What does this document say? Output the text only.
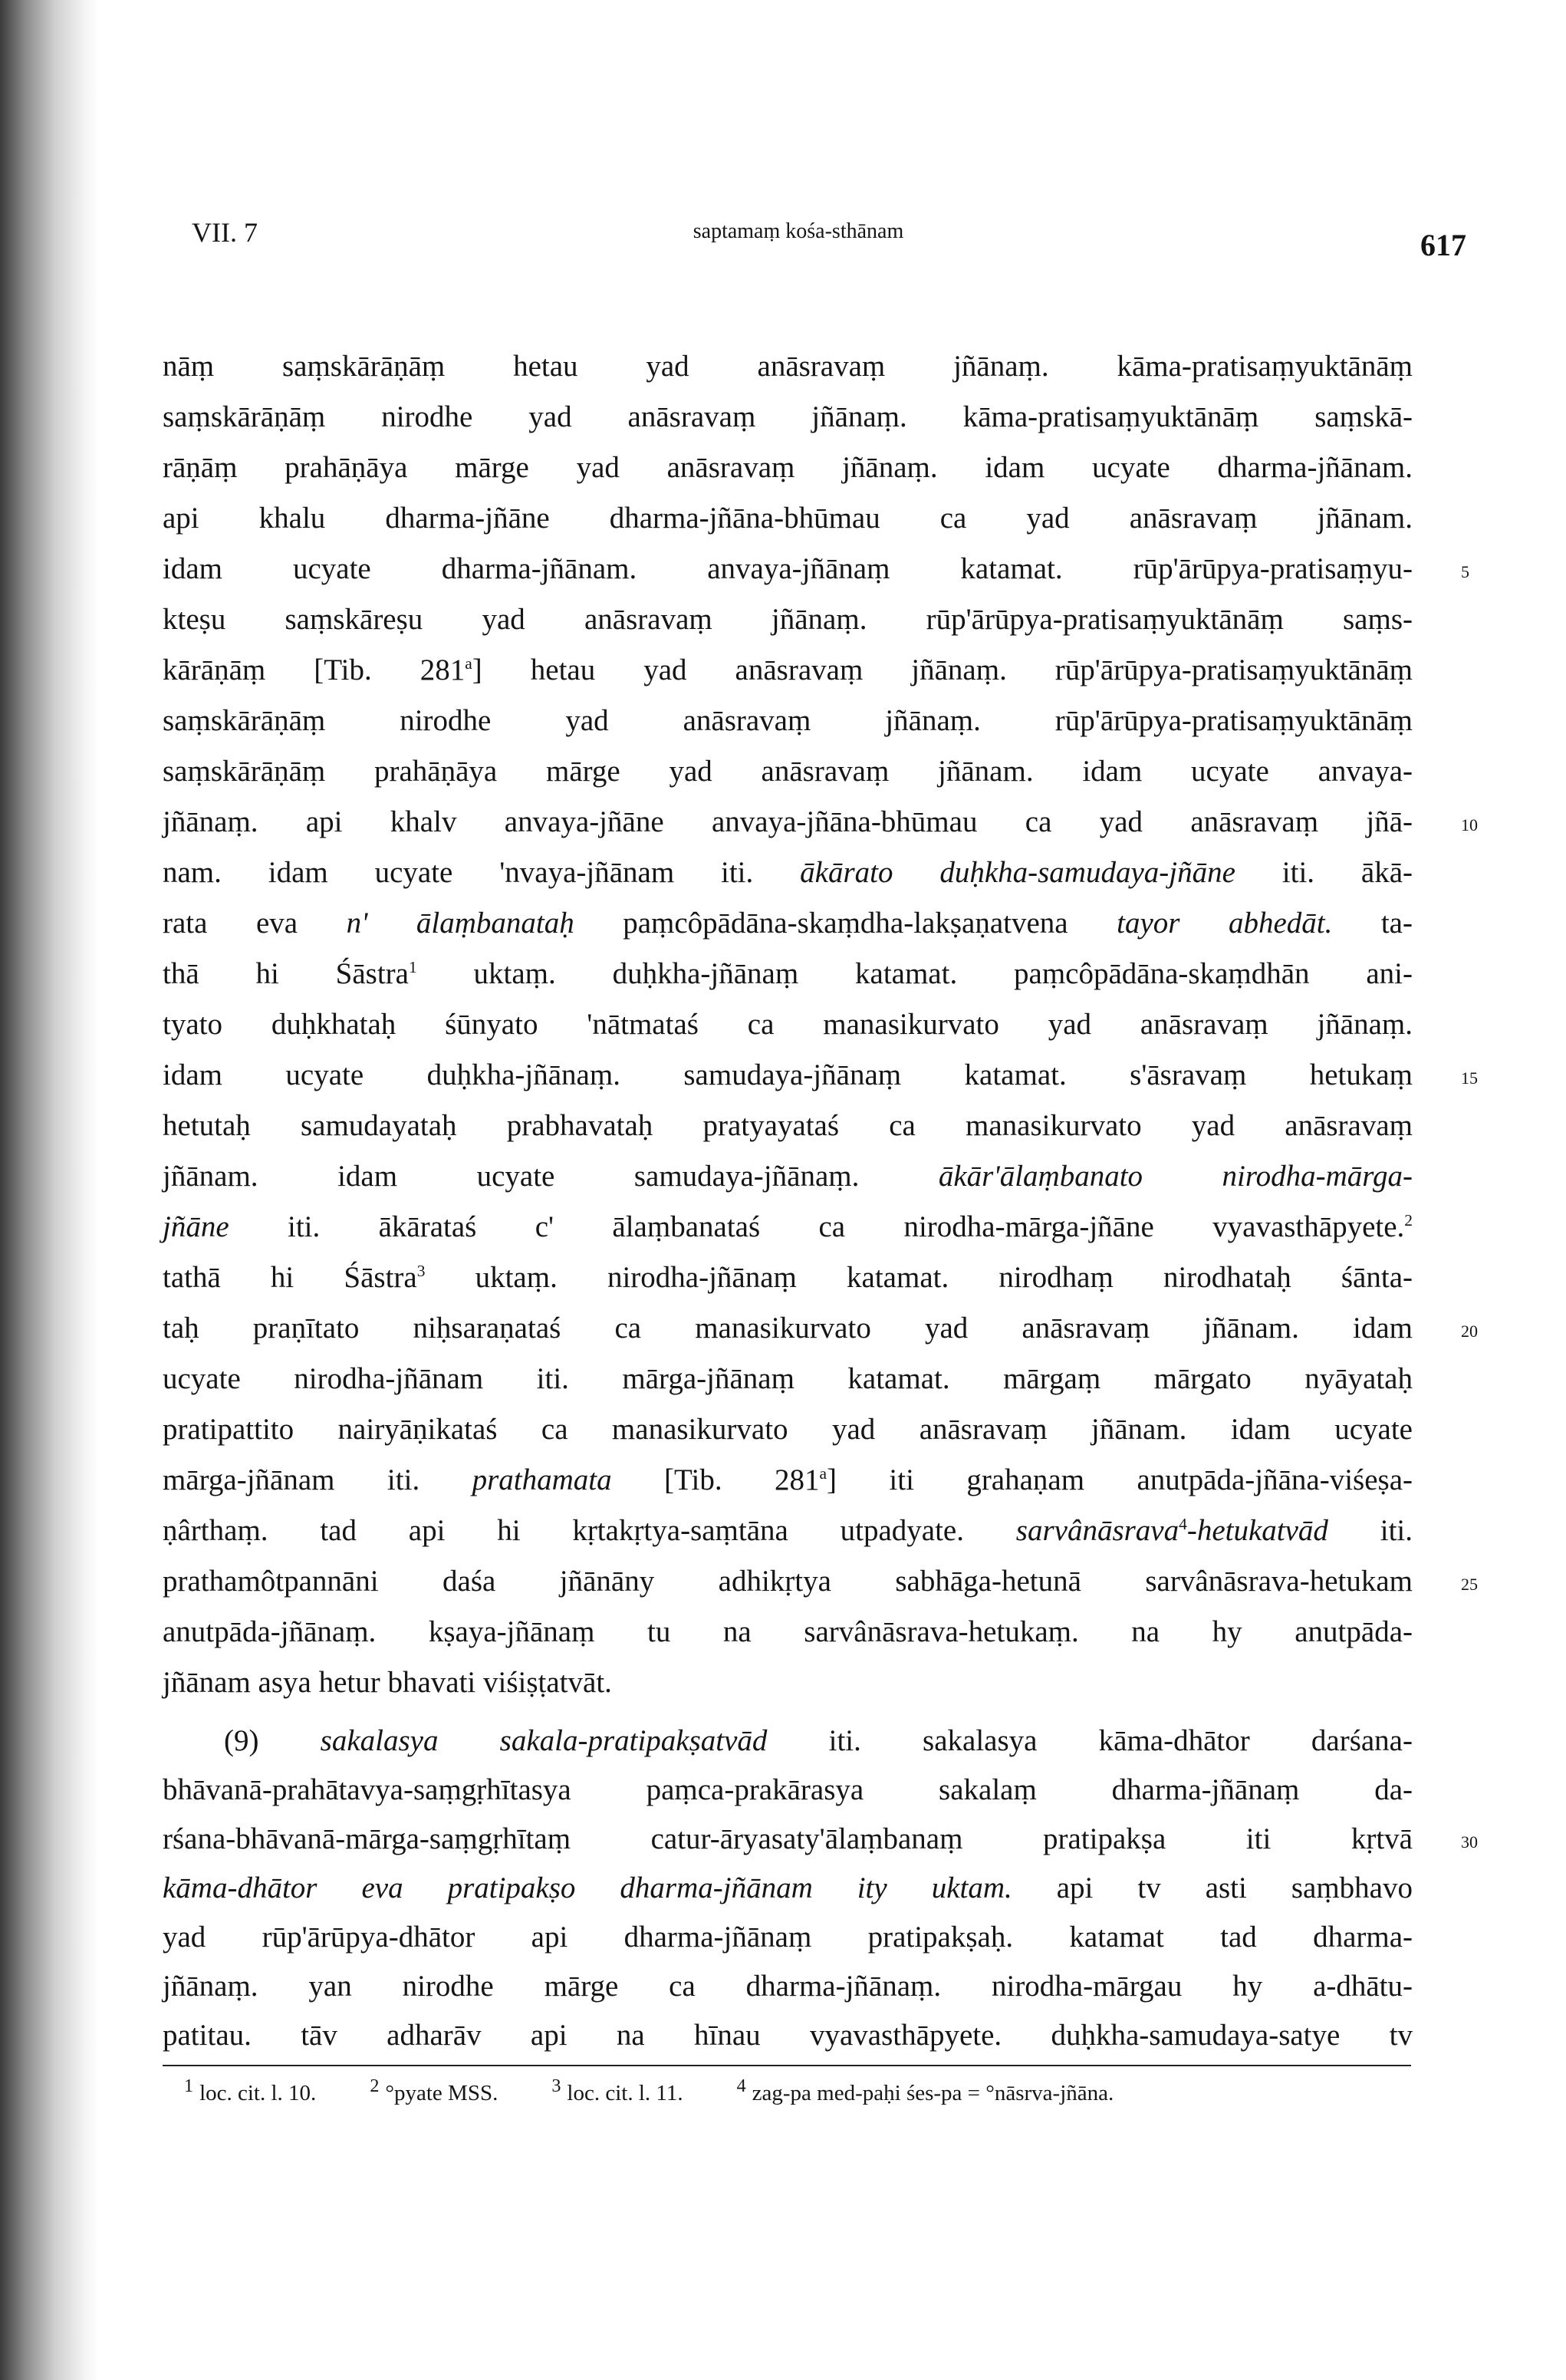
VII. 7	saptamaṃ kośa-sthānam	617
nāṃ saṃskārāṇāṃ hetau yad anāsravaṃ jñānaṃ. kāma-pratisaṃyuktānāṃ
saṃskārāṇāṃ nirodhe yad anāsravaṃ jñānaṃ. kāma-pratisaṃyuktānāṃ saṃskā-
rāṇāṃ prahāṇāya mārge yad anāsravaṃ jñānaṃ. idam ucyate dharma-jñānam.
api khalu dharma-jñāne dharma-jñāna-bhūmau ca yad anāsravaṃ jñānam.
idam ucyate dharma-jñānam. anvaya-jñānaṃ katamat. rūp'ārūpya-pratisaṃyu-
kteṣu saṃskāreṣu yad anāsravaṃ jñānaṃ. rūp'ārūpya-pratisaṃyuktānāṃ saṃs-
kārāṇāṃ [Tib. 281$^a$] hetau yad anāsravaṃ jñānaṃ. rūp'ārūpya-pratisaṃyuktānāṃ
saṃskārāṇāṃ nirodhe yad anāsravaṃ jñānaṃ. rūp'ārūpya-pratisaṃyuktānāṃ
saṃskārāṇāṃ prahāṇāya mārge yad anāsravaṃ jñānam. idam ucyate anvaya-
jñānaṃ. api khalv anvaya-jñāne anvaya-jñāna-bhūmau ca yad anāsravaṃ jñā-
nam. idam ucyate 'nvaya-jñānam iti. ākārato duḥkha-samudaya-jñāne iti. ākā-
rata eva n' ālaṃbanataḥ paṃcôpādāna-skaṃdha-lakṣaṇatvena tayor abhedāt. ta-
thā hi Śāstra$^1$ uktaṃ. duḥkha-jñānaṃ katamat. paṃcôpādāna-skaṃdhān ani-
tyato duḥkhataḥ śūnyato 'nātmataś ca manasikurvato yad anāsravaṃ jñānaṃ.
idam ucyate duḥkha-jñānaṃ. samudaya-jñānaṃ katamat. s'āsravaṃ hetukaṃ
hetutaḥ samudayataḥ prabhavataḥ pratyayataś ca manasikurvato yad anāsravaṃ
jñānam. idam ucyate samudaya-jñānaṃ. ākār'ālaṃbanato nirodha-mārga-
jñāne iti. ākārataś c' ālaṃbanataś ca nirodha-mārga-jñāne vyavasthāpyete.$^2$
tathā hi Śāstra$^3$ uktaṃ. nirodha-jñānaṃ katamat. nirodhaṃ nirodhataḥ śānta-
taḥ praṇītato niḥsaraṇataś ca manasikurvato yad anāsravaṃ jñānam. idam
ucyate nirodha-jñānam iti. mārga-jñānaṃ katamat. mārgaṃ mārgato nyāyataḥ
pratipattito nairyāṇikataś ca manasikurvato yad anāsravaṃ jñānam. idam ucyate
mārga-jñānam iti. prathamata [Tib. 281$^a$] iti grahaṇam anutpāda-jñāna-viśeṣa-
ṇârthaṃ. tad api hi kṛtakṛtya-saṃtāna utpadyate. sarvânāsrava$^4$-hetukatvād iti.
prathamôtpannāni daśa jñānāny adhikṛtya sabhāga-hetunā sarvânāsrava-hetukam
anutpāda-jñānaṃ. kṣaya-jñānaṃ tu na sarvânāsrava-hetukaṃ. na hy anutpāda-
jñānam asya hetur bhavati viśiṣṭatvāt.
(9) sakalasya sakala-pratipakṣatvād iti. sakalasya kāma-dhātor darśana-
bhāvanā-prahātavya-saṃgṛhītasya paṃca-prakārasya sakalaṃ dharma-jñānaṃ da-
rśana-bhāvanā-mārga-saṃgṛhītaṃ catur-āryasaty'ālaṃbanaṃ pratipakṣa iti kṛtvā
kāma-dhātor eva pratipakṣo dharma-jñānam ity uktam. api tv asti saṃbhavo
yad rūp'ārūpya-dhātor api dharma-jñānaṃ pratipakṣaḥ. katamat tad dharma-
jñānaṃ. yan nirodhe mārge ca dharma-jñānaṃ. nirodha-mārgau hy a-dhātu-
patitau. tāv adharāv api na hīnau vyavasthāpyete. duḥkha-samudaya-satye tv
5
10
15
20
25
30
$^1$ loc. cit. l. 10.	$^2$ °pyate MSS.	$^3$ loc. cit. l. 11.	$^4$ zag-pa med-paḥi śes-pa = °nāsrva-jñāna.
